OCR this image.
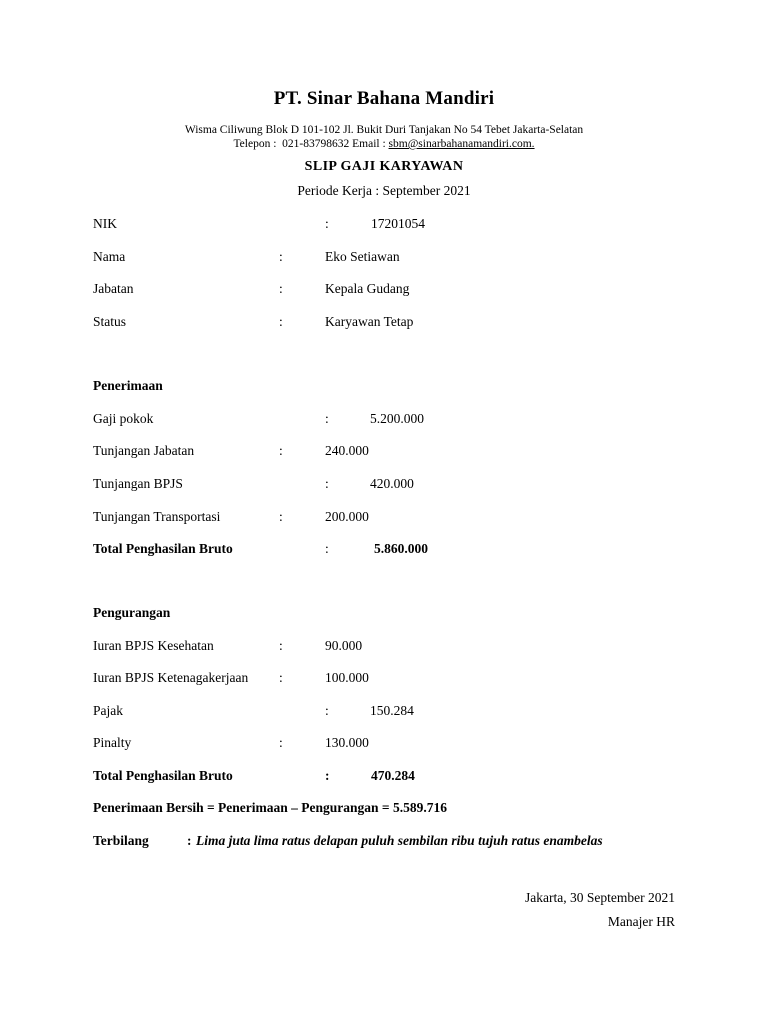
PT. Sinar Bahana Mandiri
Wisma Ciliwung Blok D 101-102 Jl. Bukit Duri Tanjakan No 54 Tebet Jakarta-Selatan
Telepon : 021-83798632 Email : sbm@sinarbahanamandiri.com.
SLIP GAJI KARYAWAN
Periode Kerja : September 2021
NIK	:	17201054
Nama	:	Eko Setiawan
Jabatan	:	Kepala Gudang
Status	:	Karyawan Tetap
Penerimaan
Gaji pokok	:	5.200.000
Tunjangan Jabatan	:	240.000
Tunjangan BPJS	:	420.000
Tunjangan Transportasi	:	200.000
Total Penghasilan Bruto	:	5.860.000
Pengurangan
Iuran BPJS Kesehatan	:	90.000
Iuran BPJS Ketenagakerjaan :	100.000
Pajak	:	150.284
Pinalty	:	130.000
Total Penghasilan Bruto	:	470.284
Penerimaan Bersih = Penerimaan – Pengurangan = 5.589.716
Terbilang	: Lima juta lima ratus delapan puluh sembilan ribu tujuh ratus enambelas
Jakarta, 30 September 2021
Manajer HR
